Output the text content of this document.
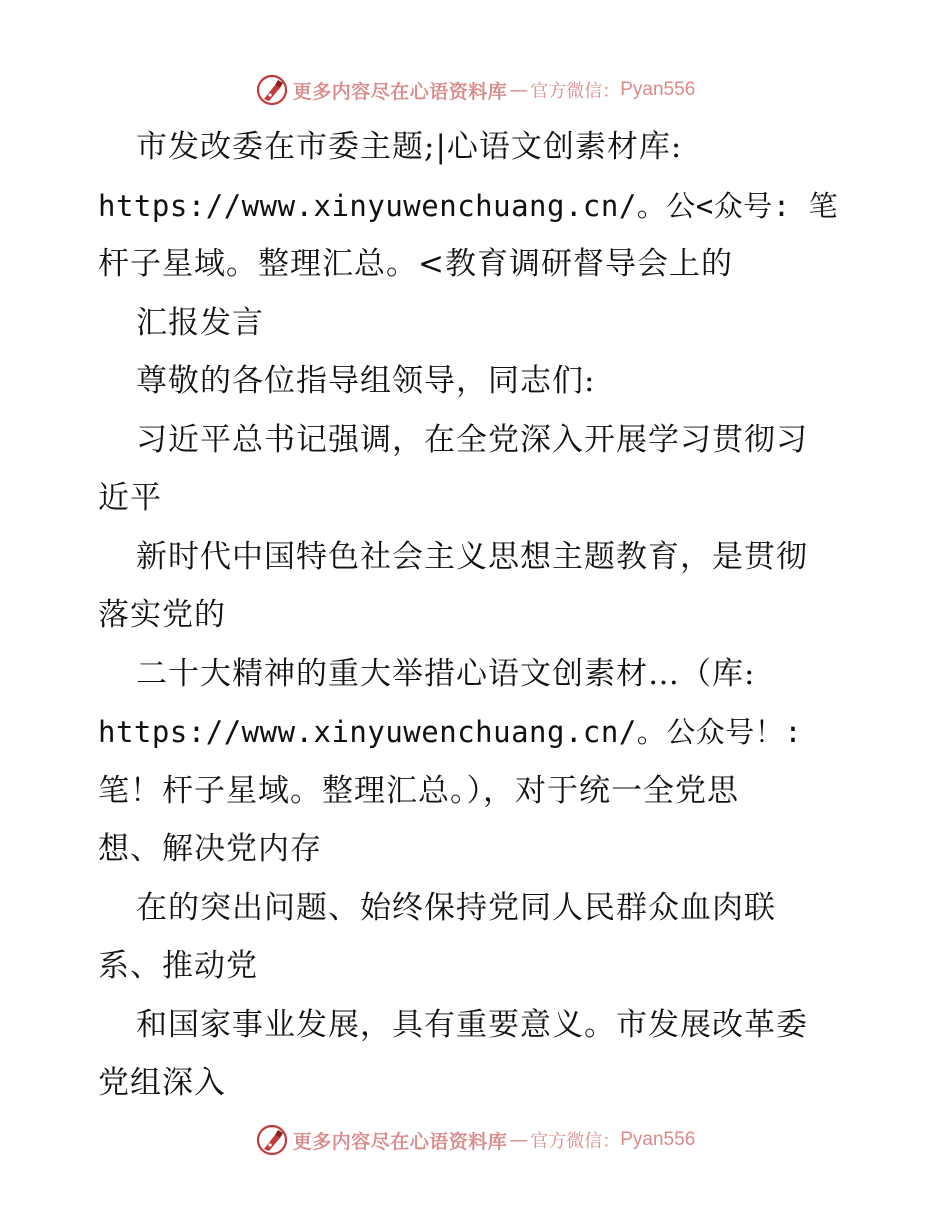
更多内容尽在心语资料库 — 官方微信： Pyan556
市发改委在市委主题;|心语文创素材库:
https://www.xinyuwenchuang.cn/。公<众号: 笔
杆子星域。整理汇总。<教育调研督导会上的
汇报发言
尊敬的各位指导组领导，同志们:
习近平总书记强调，在全党深入开展学习贯彻习
近平
新时代中国特色社会主义思想主题教育，是贯彻
落实党的
二十大精神的重大举措心语文创素材…（库:
https://www.xinyuwenchuang.cn/。公众号！:
笔！杆子星域。整理汇总。），对于统一全党思
想、解决党内存
在的突出问题、始终保持党同人民群众血肉联
系、推动党
和国家事业发展，具有重要意义。市发展改革委
党组深入
更多内容尽在心语资料库 — 官方微信： Pyan556
